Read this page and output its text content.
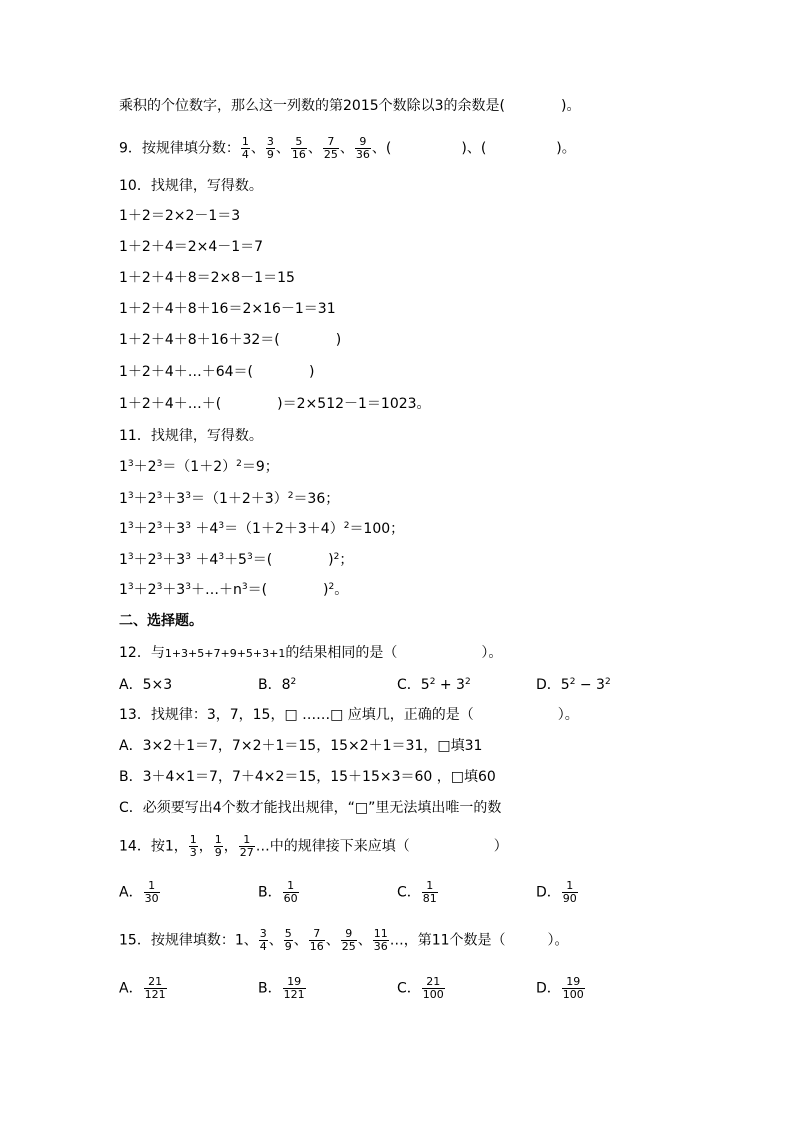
乘积的个位数字，那么这一列数的第2015个数除以3的余数是(　　　　)。
9．按规律填分数： $\frac{1}{4}$ 、 $\frac{3}{9}$ 、 $\frac{5}{16}$ 、 $\frac{7}{25}$ 、 $\frac{9}{36}$ 、(　　　　　)、(　　　　　)。
10．找规律，写得数。
1＋2＝2×2－1＝3
1＋2＋4＝2×4－1＝7
1＋2＋4＋8＝2×8－1＝15
1＋2＋4＋8＋16＝2×16－1＝31
1＋2＋4＋8＋16＋32＝(　　　　)
1＋2＋4＋…＋64＝(　　　　)
1＋2＋4＋…＋(　　　　)＝2×512－1＝1023。
11．找规律，写得数。
$1^3+2^3=(1+2)^2=9$；
$1^3+2^3+3^3=(1+2+3)^2=36$；
$1^3+2^3+3^3 +4^3=(1+2+3+4)^2=100$；
$1^3+2^3+3^3 +4^3+5^3=$(　　　　)$^2$；
$1^3+2^3+3^3+\dots+n^3=$(　　　　)$^2$。
二、选择题。
12．与1+3+5+7+9+5+3+1的结果相同的是（　　　　　　）。
A．5×3	B．$8^2$	C．$5^2 + 3^2$	D．$5^2 - 3^2$
13．找规律：3，7，15，□ ……□ 应填几，正确的是（　　　　　　）。
A．3×2＋1＝7，7×2＋1＝15，15×2＋1＝31，□填31
B．3＋4×1＝7，7＋4×2＝15，15＋15×3＝60 ，□填60
C．必须要写出4个数才能找出规律，“□”里无法填出唯一的数
14．按1， $\frac{1}{3}$ ， $\frac{1}{9}$ ， $\frac{1}{27}$ …中的规律接下来应填（　　　　　　）
A． $\frac{1}{30}$	B． $\frac{1}{60}$	C． $\frac{1}{81}$	D． $\frac{1}{90}$
15．按规律填数：1、 $\frac{3}{4}$ 、 $\frac{5}{9}$ 、 $\frac{7}{16}$ 、 $\frac{9}{25}$ 、 $\frac{11}{36}$ …，第11个数是（　　　）。
A． $\frac{21}{121}$	B． $\frac{19}{121}$	C． $\frac{21}{100}$	D． $\frac{19}{100}$
